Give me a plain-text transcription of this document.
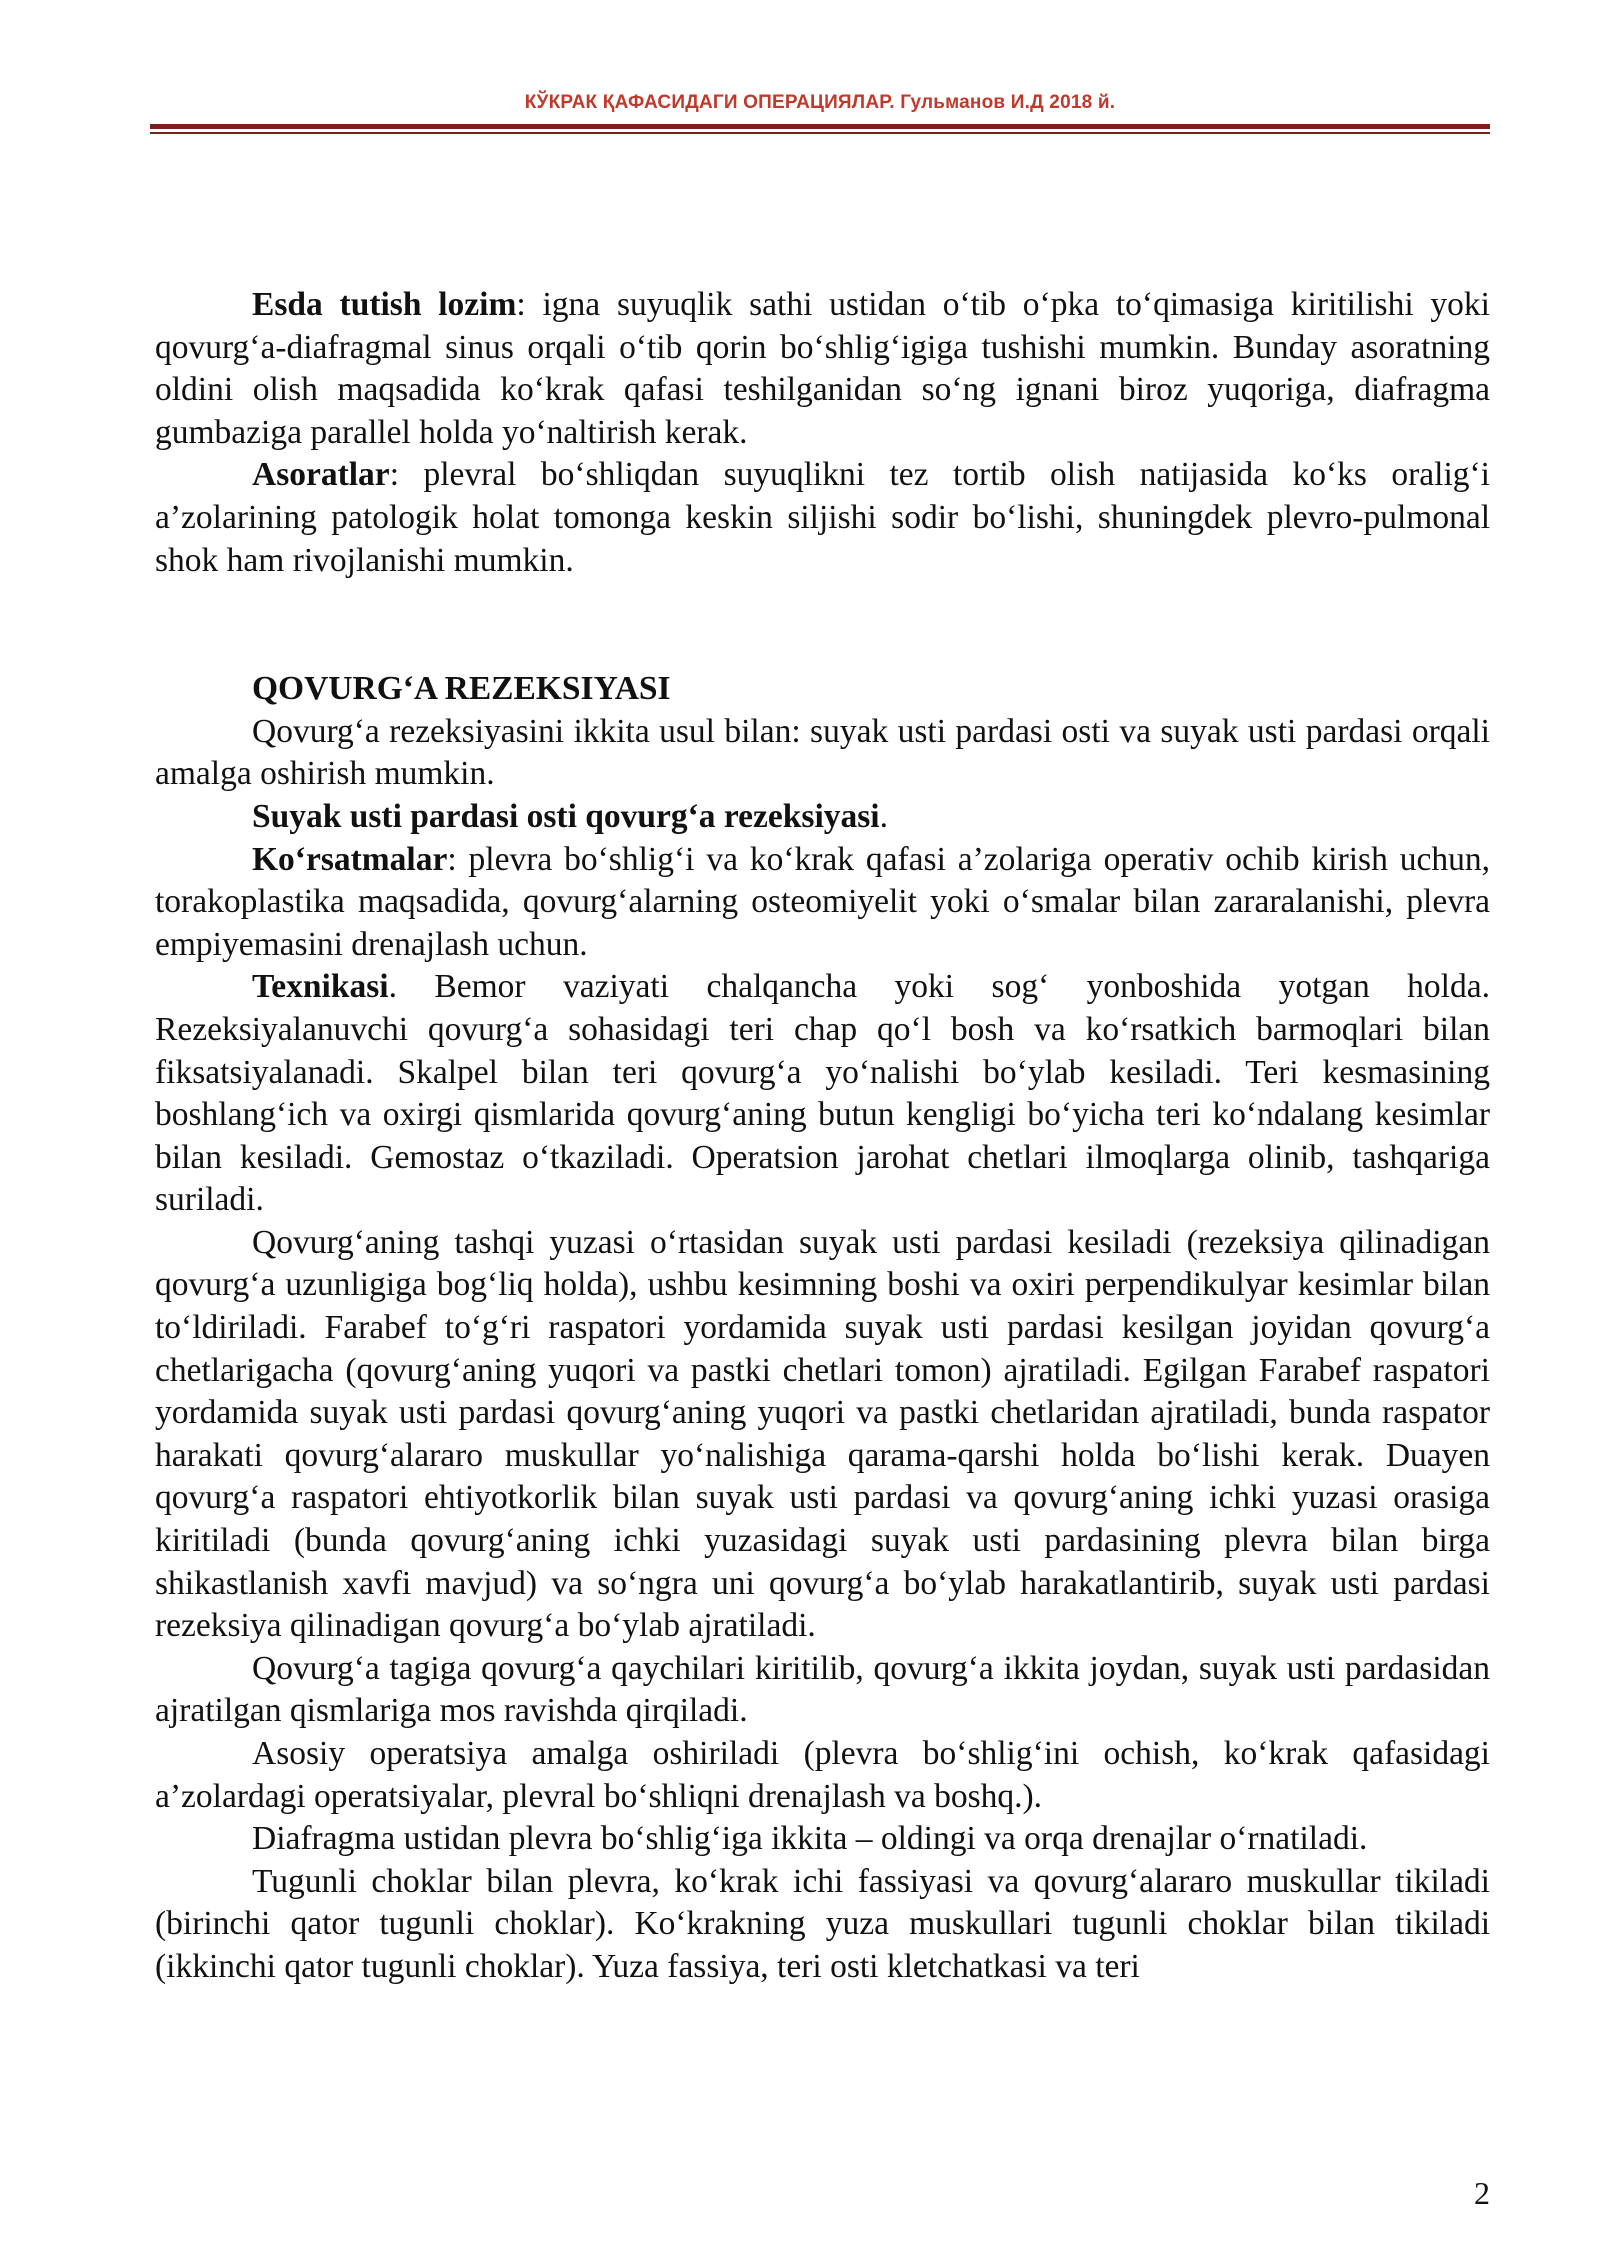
КЎКРАК ҚАФАСИДАГИ ОПЕРАЦИЯЛАР. Гульманов И.Д 2018 й.

Esda tutish lozim: igna suyuqlik sathi ustidan o‘tib o‘pka to‘qimasiga kiritilishi yoki qovurg‘a-diafragmal sinus orqali o‘tib qorin bo‘shlig‘igiga tushishi mumkin. Bunday asoratning oldini olish maqsadida ko‘krak qafasi teshilganidan so‘ng ignani biroz yuqoriga, diafragma gumbaziga parallel holda yo‘naltirish kerak.

Asoratlar: plevral bo‘shliqdan suyuqlikni tez tortib olish natijasida ko‘ks oralig‘i a’zolarining patologik holat tomonga keskin siljishi sodir bo‘lishi, shuningdek plevro-pulmonal shok ham rivojlanishi mumkin.

QOVURG‘A REZEKSIYASI

Qovurg‘a rezeksiyasini ikkita usul bilan: suyak usti pardasi osti va suyak usti pardasi orqali amalga oshirish mumkin.

Suyak usti pardasi osti qovurg‘a rezeksiyasi.

Ko‘rsatmalar: plevra bo‘shlig‘i va ko‘krak qafasi a’zolariga operativ ochib kirish uchun, torakoplastika maqsadida, qovurg‘alarning osteomiyelit yoki o‘smalar bilan zararalanishi, plevra empiyemasini drenajlash uchun.

Texnikasi. Bemor vaziyati chalqancha yoki sog‘ yonboshida yotgan holda. Rezeksiyalanuvchi qovurg‘a sohasidagi teri chap qo‘l bosh va ko‘rsatkich barmoqlari bilan fiksatsiyalanadi. Skalpel bilan teri qovurg‘a yo‘nalishi bo‘ylab kesiladi. Teri kesmasining boshlang‘ich va oxirgi qismlarida qovurg‘aning butun kengligi bo‘yicha teri ko‘ndalang kesimlar bilan kesiladi. Gemostaz o‘tkaziladi. Operatsion jarohat chetlari ilmoqlarga olinib, tashqariga suriladi.

Qovurg‘aning tashqi yuzasi o‘rtasidan suyak usti pardasi kesiladi (rezeksiya qilinadigan qovurg‘a uzunligiga bog‘liq holda), ushbu kesimning boshi va oxiri perpendikulyar kesimlar bilan to‘ldiriladi. Farabef to‘g‘ri raspatori yordamida suyak usti pardasi kesilgan joyidan qovurg‘a chetlarigacha (qovurg‘aning yuqori va pastki chetlari tomon) ajratiladi. Egilgan Farabef raspatori yordamida suyak usti pardasi qovurg‘aning yuqori va pastki chetlaridan ajratiladi, bunda raspator harakati qovurg‘alararo muskullar yo‘nalishiga qarama-qarshi holda bo‘lishi kerak. Duayen qovurg‘a raspatori ehtiyotkorlik bilan suyak usti pardasi va qovurg‘aning ichki yuzasi orasiga kiritiladi (bunda qovurg‘aning ichki yuzasidagi suyak usti pardasining plevra bilan birga shikastlanish xavfi mavjud) va so‘ngra uni qovurg‘a bo‘ylab harakatlantirib, suyak usti pardasi rezeksiya qilinadigan qovurg‘a bo‘ylab ajratiladi.

Qovurg‘a tagiga qovurg‘a qaychilari kiritilib, qovurg‘a ikkita joydan, suyak usti pardasidan ajratilgan qismlariga mos ravishda qirqiladi.

Asosiy operatsiya amalga oshiriladi (plevra bo‘shlig‘ini ochish, ko‘krak qafasidagi a’zolardagi operatsiyalar, plevral bo‘shliqni drenajlash va boshq.).

Diafragma ustidan plevra bo‘shlig‘iga ikkita – oldingi va orqa drenajlar o‘rnatiladi.

Tugunli choklar bilan plevra, ko‘krak ichi fassiyasi va qovurg‘alararo muskullar tikiladi (birinchi qator tugunli choklar). Ko‘krakning yuza muskullari tugunli choklar bilan tikiladi (ikkinchi qator tugunli choklar). Yuza fassiya, teri osti kletchatkasi va teri

2
